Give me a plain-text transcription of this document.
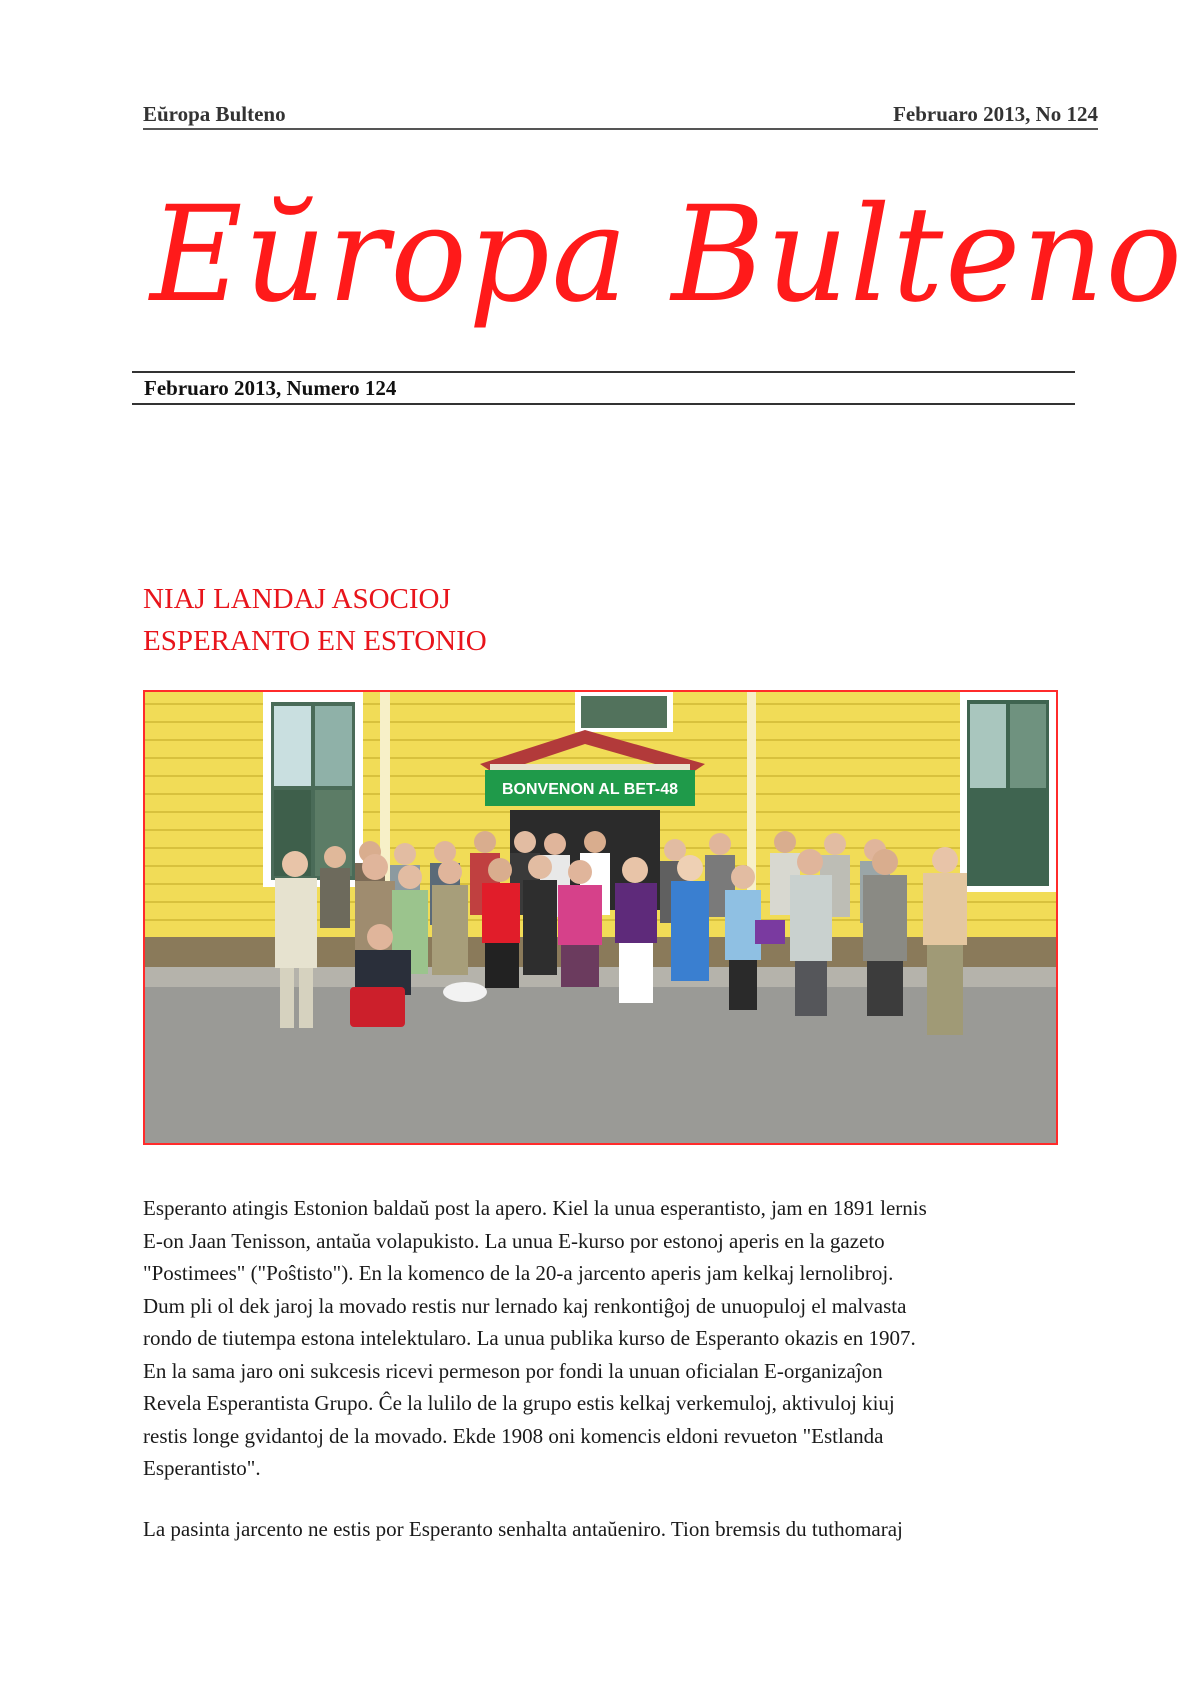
Eŭropa Bulteno	Februaro 2013, No 124
Eŭropa Bulteno
Februaro 2013, Numero 124
NIAJ LANDAJ ASOCIOJ
ESPERANTO EN ESTONIO
BONVENON AL BET-48

Esperanto atingis Estonion baldaŭ post la apero. Kiel la unua esperantisto, jam en 1891 lernis
E-on Jaan Tenisson, antaŭa volapukisto. La unua E-kurso por estonoj aperis en la gazeto
"Postimees" ("Poŝtisto"). En la komenco de la 20-a jarcento aperis jam kelkaj lernolibroj.
Dum pli ol dek jaroj la movado restis nur lernado kaj renkontiĝoj de unuopuloj el malvasta
rondo de tiutempa estona intelektularo. La unua publika kurso de Esperanto okazis en 1907.
En la sama jaro oni sukcesis ricevi permeson por fondi la unuan oficialan E-organizaĵon
Revela Esperantista Grupo. Ĉe la lulilo de la grupo estis kelkaj verkemuloj, aktivuloj kiuj
restis longe gvidantoj de la movado. Ekde 1908 oni komencis eldoni revueton "Estlanda
Esperantisto".

La pasinta jarcento ne estis por Esperanto senhalta antaŭeniro. Tion bremsis du tuthomaraj
